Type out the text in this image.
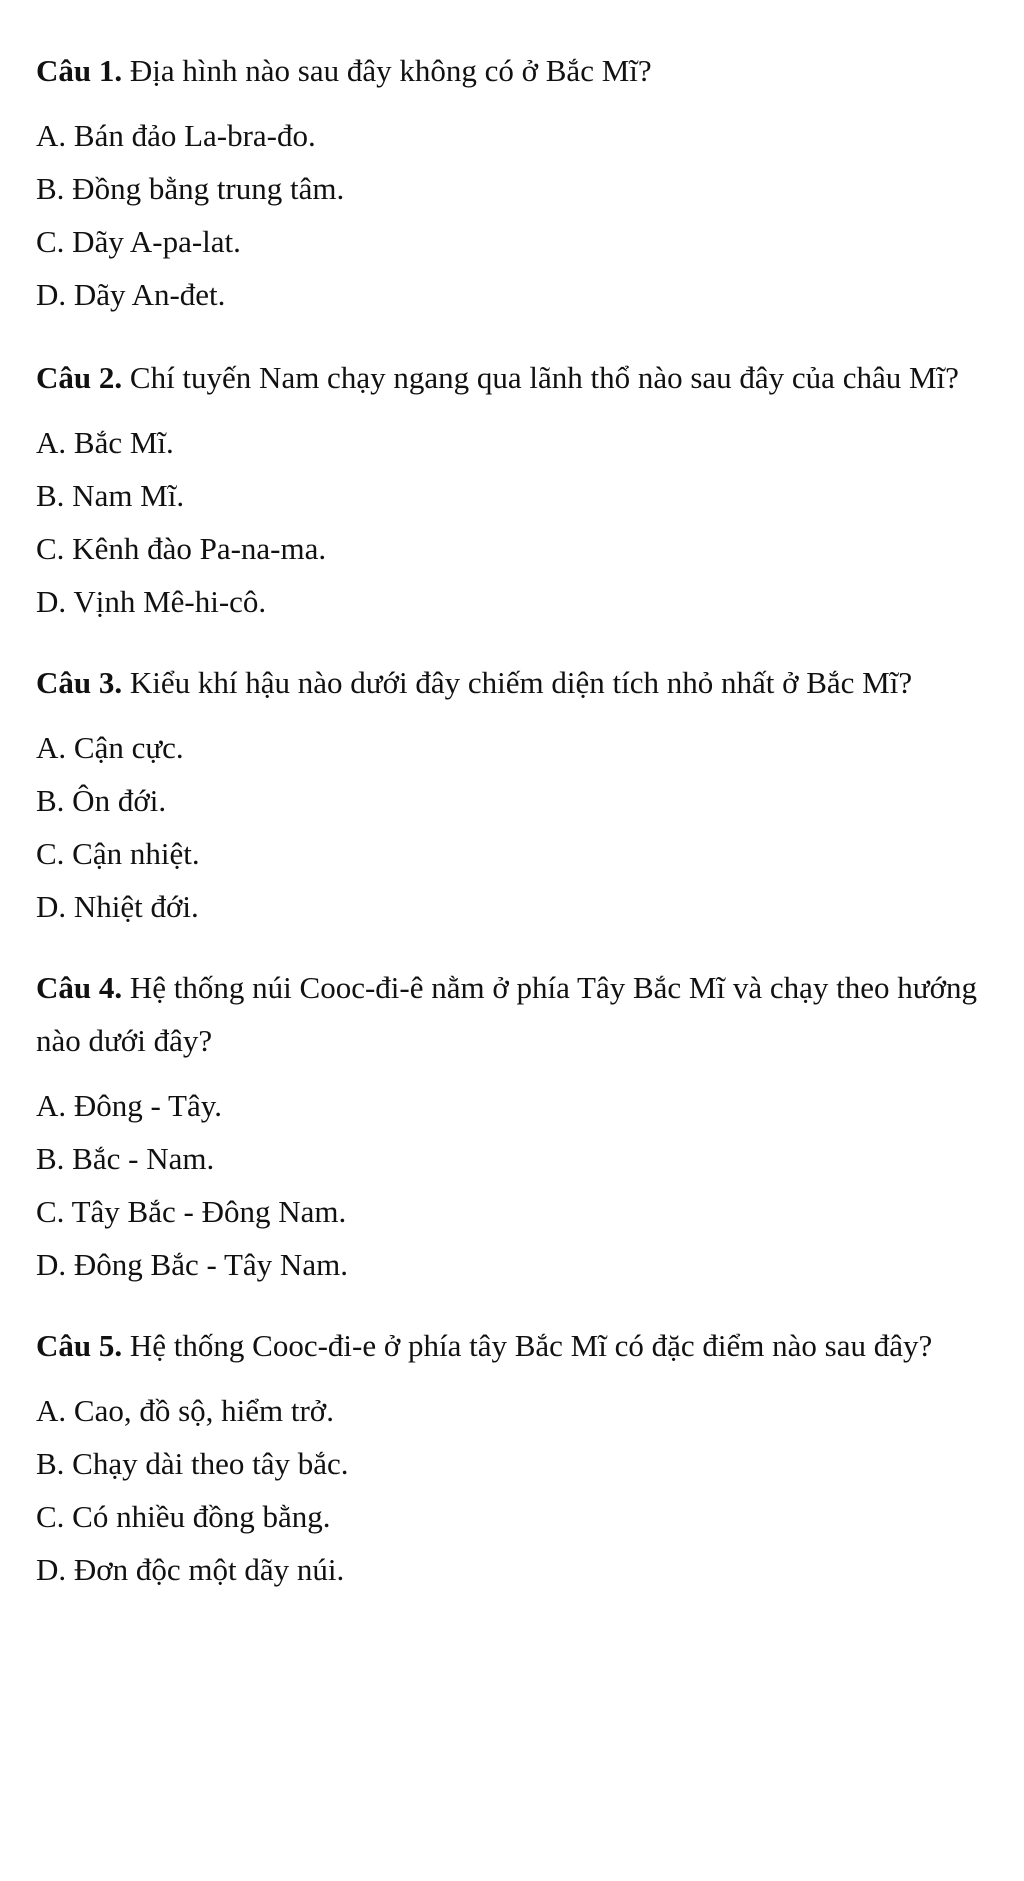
Câu 1. Địa hình nào sau đây không có ở Bắc Mĩ?

A. Bán đảo La-bra-đo.

B. Đồng bằng trung tâm.

C. Dãy A-pa-lat.

D. Dãy An-đet.

Câu 2. Chí tuyến Nam chạy ngang qua lãnh thổ nào sau đây của châu Mĩ?

A. Bắc Mĩ.

B. Nam Mĩ.

C. Kênh đào Pa-na-ma.

D. Vịnh Mê-hi-cô.

Câu 3. Kiểu khí hậu nào dưới đây chiếm diện tích nhỏ nhất ở Bắc Mĩ?

A. Cận cực.

B. Ôn đới.

C. Cận nhiệt.

D. Nhiệt đới.

Câu 4. Hệ thống núi Cooc-đi-ê nằm ở phía Tây Bắc Mĩ và chạy theo hướng nào dưới đây?

A. Đông - Tây.

B. Bắc - Nam.

C. Tây Bắc - Đông Nam.

D. Đông Bắc - Tây Nam.

Câu 5. Hệ thống Cooc-đi-e ở phía tây Bắc Mĩ có đặc điểm nào sau đây?

A. Cao, đồ sộ, hiểm trở.

B. Chạy dài theo tây bắc.

C. Có nhiều đồng bằng.

D. Đơn độc một dãy núi.
